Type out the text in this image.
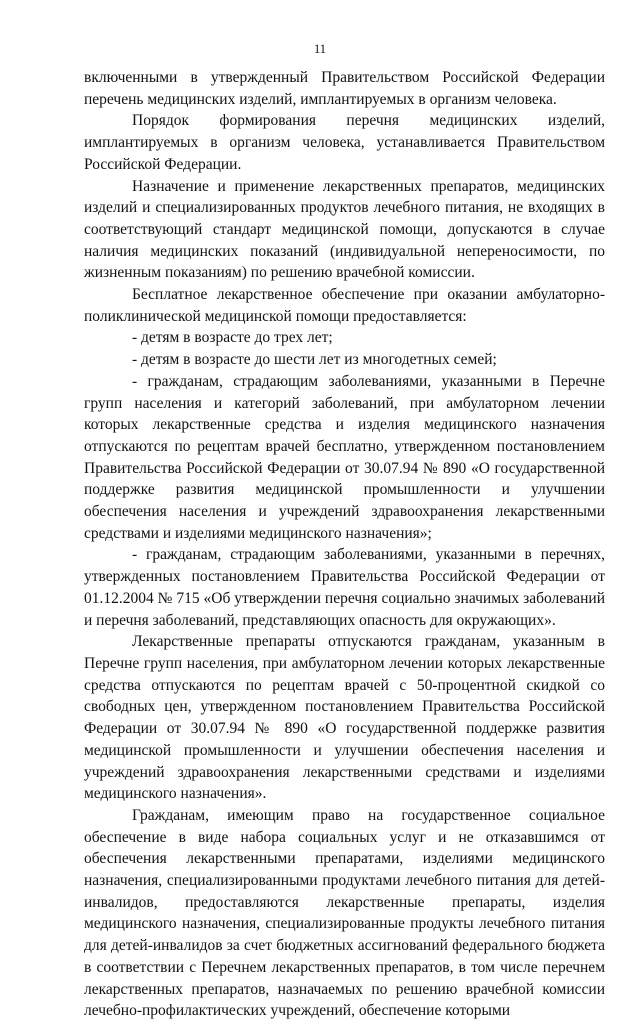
11

включенными в утвержденный Правительством Российской Федерации перечень медицинских изделий, имплантируемых в организм человека.

Порядок формирования перечня медицинских изделий, имплантируемых в организм человека, устанавливается Правительством Российской Федерации.

Назначение и применение лекарственных препаратов, медицинских изделий и специализированных продуктов лечебного питания, не входящих в соответствующий стандарт медицинской помощи, допускаются в случае наличия медицинских показаний (индивидуальной непереносимости, по жизненным показаниям) по решению врачебной комиссии.

Бесплатное лекарственное обеспечение при оказании амбулаторно-поликлинической медицинской помощи предоставляется:

- детям в возрасте до трех лет;

- детям в возрасте до шести лет из многодетных семей;

- гражданам, страдающим заболеваниями, указанными в Перечне групп населения и категорий заболеваний, при амбулаторном лечении которых лекарственные средства и изделия медицинского назначения отпускаются по рецептам врачей бесплатно, утвержденном постановлением Правительства Российской Федерации от 30.07.94 № 890 «О государственной поддержке развития медицинской промышленности и улучшении обеспечения населения и учреждений здравоохранения лекарственными средствами и изделиями медицинского назначения»;

- гражданам, страдающим заболеваниями, указанными в перечнях, утвержденных постановлением Правительства Российской Федерации от 01.12.2004 № 715 «Об утверждении перечня социально значимых заболеваний и перечня заболеваний, представляющих опасность для окружающих».

Лекарственные препараты отпускаются гражданам, указанным в Перечне групп населения, при амбулаторном лечении которых лекарственные средства отпускаются по рецептам врачей с 50-процентной скидкой со свободных цен, утвержденном постановлением Правительства Российской Федерации от 30.07.94 № 890 «О государственной поддержке развития медицинской промышленности и улучшении обеспечения населения и учреждений здравоохранения лекарственными средствами и изделиями медицинского назначения».

Гражданам, имеющим право на государственное социальное обеспечение в виде набора социальных услуг и не отказавшимся от обеспечения лекарственными препаратами, изделиями медицинского назначения, специализированными продуктами лечебного питания для детей-инвалидов, предоставляются лекарственные препараты, изделия медицинского назначения, специализированные продукты лечебного питания для детей-инвалидов за счет бюджетных ассигнований федерального бюджета в соответствии с Перечнем лекарственных препаратов, в том числе перечнем лекарственных препаратов, назначаемых по решению врачебной комиссии лечебно-профилактических учреждений, обеспечение которыми
